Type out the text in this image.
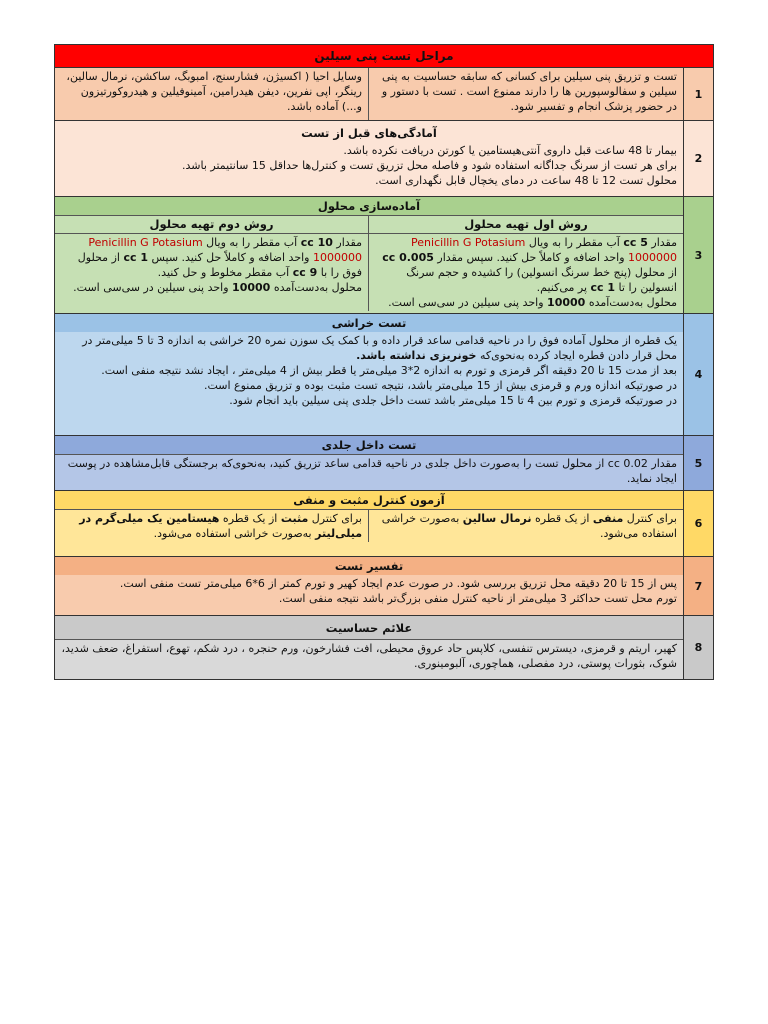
مراحل تست پنی سیلین
تست و تزریق پنی سیلین برای کسانی که سابقه حساسیت به پنی سیلین و سفالوسپورین ها را دارند ممنوع است . تست با دستور و در حضور پزشک انجام و تفسیر شود.
وسایل احیا ( اکسیژن، فشارسنج، امبوبگ، ساکشن، نرمال سالین، رینگر، اپی نفرین، دیفن هیدرامین، آمینوفیلین و هیدروکورتیزون و...) آماده باشد.
1
آمادگی‌های قبل از تست
بیمار تا 48 ساعت قبل داروی آنتی‌هیستامین یا کورتن دریافت نکرده باشد.
برای هر تست از سرنگ جداگانه استفاده شود و فاصله محل تزریق تست و کنترل‌ها حداقل 15 سانتیمتر باشد.
محلول تست 12 تا 48 ساعت در دمای یخچال قابل نگهداری است.
2
آماده‌سازی محلول
روش اول تهیه محلول
روش دوم تهیه محلول
مقدار 5 cc آب مقطر را به ویال Penicillin G Potasium 1000000 واحد اضافه و کاملاً حل کنید. سپس مقدار 0.005 cc از محلول (پنج خط سرنگ انسولین) را کشیده و حجم سرنگ انسولین را تا 1 cc پر می‌کنیم.
محلول به‌دست‌آمده 10000 واحد پنی سیلین در سی‌سی است.
مقدار 10 cc آب مقطر را به ویال Penicillin G Potasium 1000000 واحد اضافه و کاملاً حل کنید. سپس 1 cc از محلول فوق را با 9 cc آب مقطر مخلوط و حل کنید.
محلول به‌دست‌آمده 10000 واحد پنی سیلین در سی‌سی است.
3
تست خراشی
یک قطره از محلول آماده فوق را در ناحیه قدامی ساعد قرار داده و با کمک یک سوزن نمره 20 خراشی به اندازه 3 تا 5 میلی‌متر در محل قرار دادن قطره ایجاد کرده به‌نحوی‌که خونریزی نداشته باشد.
بعد از مدت 15 تا 20 دقیقه اگر قرمزی و تورم به اندازه 2*3 میلی‌متر یا قطر بیش از 4 میلی‌متر ، ایجاد نشد نتیجه منفی است.
در صورتیکه اندازه ورم و قرمزی بیش از 15 میلی‌متر باشد، نتیجه تست مثبت بوده و تزریق ممنوع است.
در صورتیکه قرمزی و تورم بین 4 تا 15 میلی‌متر باشد تست داخل جلدی پنی سیلین باید انجام شود.
4
تست داخل جلدی
مقدار 0.02 cc از محلول تست را به‌صورت داخل جلدی در ناحیه قدامی ساعد تزریق کنید، به‌نحوی‌که برجستگی قابل‌مشاهده در پوست ایجاد نماید.
5
آزمون کنترل مثبت و منفی
برای کنترل منفی از یک قطره نرمال سالین به‌صورت خراشی استفاده می‌شود.
برای کنترل مثبت از یک قطره هیستامین یک میلی‌گرم در میلی‌لیتر به‌صورت خراشی استفاده می‌شود.
6
تفسیر تست
پس از 15 تا 20 دقیقه محل تزریق بررسی شود. در صورت عدم ایجاد کهیر و تورم کمتر از 6*6 میلی‌متر تست منفی است.
تورم محل تست حداکثر 3 میلی‌متر از ناحیه کنترل منفی بزرگ‌تر باشد نتیجه منفی است.
7
علائم حساسیت
کهیر، اریتم و قرمزی، دیسترس تنفسی، کلاپس حاد عروق محیطی، افت فشارخون، ورم حنجره ، درد شکم، تهوع، استفراغ، ضعف شدید، شوک، بثورات پوستی، درد مفصلی، هماچوری، آلبومینوری.
8
